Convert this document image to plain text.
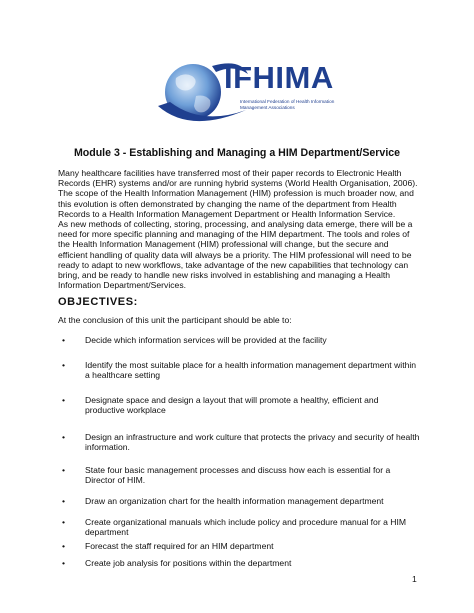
IFHIMA
International Federation of Health Information Management Associations
Module 3 - Establishing and Managing a HIM Department/Service

Many healthcare facilities have transferred most of their paper records to Electronic Health Records (EHR) systems and/or are running hybrid systems (World Health Organisation, 2006). The scope of the Health Information Management (HIM) profession is much broader now, and this evolution is often demonstrated by changing the name of the department from Health Records to a Health Information Management Department or Health Information Service.

As new methods of collecting, storing, processing, and analysing data emerge, there will be a need for more specific planning and managing of the HIM department. The tools and roles of the Health Information Management (HIM) professional will change, but the secure and efficient handling of quality data will always be a priority. The HIM professional will need to be ready to adapt to new workflows, take advantage of the new capabilities that technology can bring, and be ready to handle new risks involved in establishing and managing a Health Information Department/Services.

OBJECTIVES:
At the conclusion of this unit the participant should be able to:
• Decide which information services will be provided at the facility
• Identify the most suitable place for a health information management department within a healthcare setting
• Designate space and design a layout that will promote a healthy, efficient and productive workplace
• Design an infrastructure and work culture that protects the privacy and security of health information.
• State four basic management processes and discuss how each is essential for a Director of HIM.
• Draw an organization chart for the health information management department
• Create organizational manuals which include policy and procedure manual for a HIM department
• Forecast the staff required for an HIM department
• Create job analysis for positions within the department
1
